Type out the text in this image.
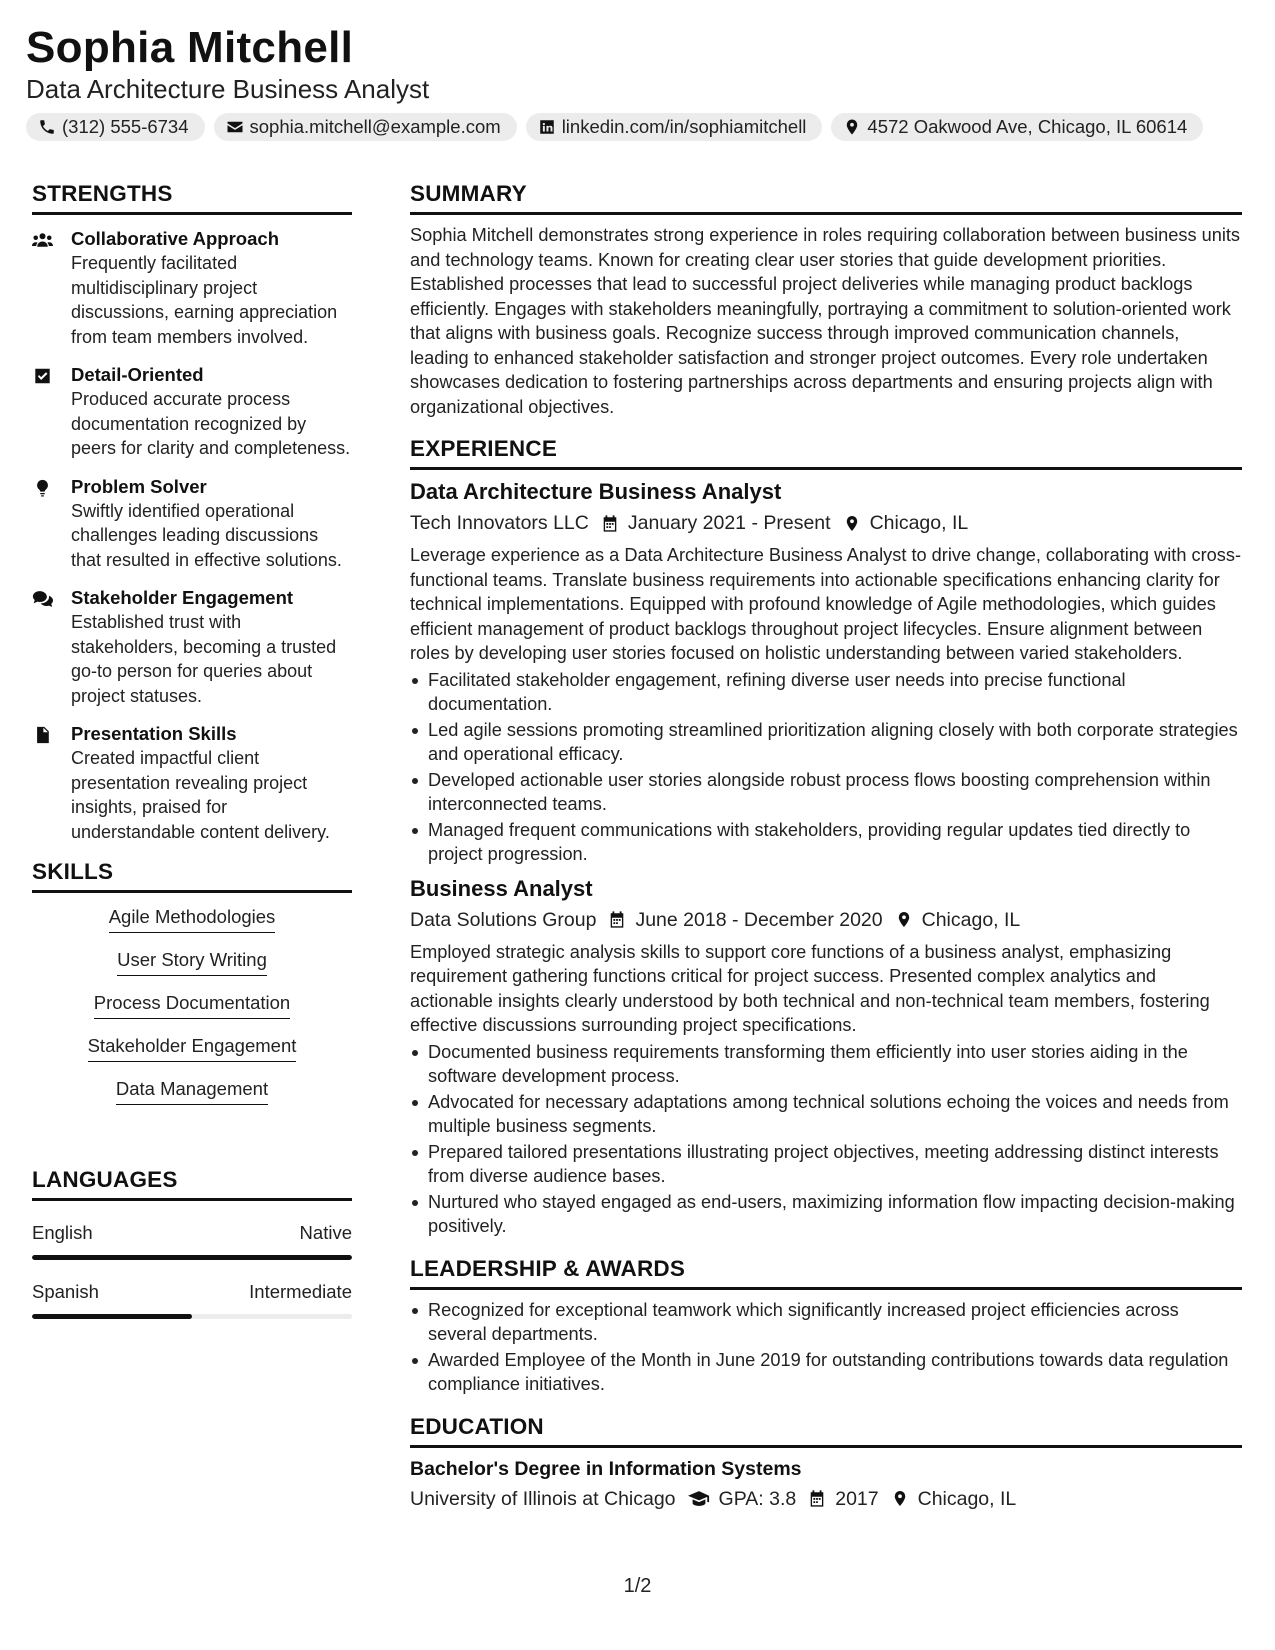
Sophia Mitchell
Data Architecture Business Analyst
(312) 555-6734	sophia.mitchell@example.com	linkedin.com/in/sophiamitchell	4572 Oakwood Ave, Chicago, IL 60614
STRENGTHS
Collaborative Approach
Frequently facilitated multidisciplinary project discussions, earning appreciation from team members involved.
Detail-Oriented
Produced accurate process documentation recognized by peers for clarity and completeness.
Problem Solver
Swiftly identified operational challenges leading discussions that resulted in effective solutions.
Stakeholder Engagement
Established trust with stakeholders, becoming a trusted go-to person for queries about project statuses.
Presentation Skills
Created impactful client presentation revealing project insights, praised for understandable content delivery.
SKILLS
Agile Methodologies
User Story Writing
Process Documentation
Stakeholder Engagement
Data Management
LANGUAGES
English	Native
Spanish	Intermediate
SUMMARY
Sophia Mitchell demonstrates strong experience in roles requiring collaboration between business units and technology teams. Known for creating clear user stories that guide development priorities. Established processes that lead to successful project deliveries while managing product backlogs efficiently. Engages with stakeholders meaningfully, portraying a commitment to solution-oriented work that aligns with business goals. Recognize success through improved communication channels, leading to enhanced stakeholder satisfaction and stronger project outcomes. Every role undertaken showcases dedication to fostering partnerships across departments and ensuring projects align with organizational objectives.
EXPERIENCE
Data Architecture Business Analyst
Tech Innovators LLC January 2021 - Present Chicago, IL
Leverage experience as a Data Architecture Business Analyst to drive change, collaborating with cross-functional teams. Translate business requirements into actionable specifications enhancing clarity for technical implementations. Equipped with profound knowledge of Agile methodologies, which guides efficient management of product backlogs throughout project lifecycles. Ensure alignment between roles by developing user stories focused on holistic understanding between varied stakeholders.
Facilitated stakeholder engagement, refining diverse user needs into precise functional documentation.
Led agile sessions promoting streamlined prioritization aligning closely with both corporate strategies and operational efficacy.
Developed actionable user stories alongside robust process flows boosting comprehension within interconnected teams.
Managed frequent communications with stakeholders, providing regular updates tied directly to project progression.
Business Analyst
Data Solutions Group June 2018 - December 2020 Chicago, IL
Employed strategic analysis skills to support core functions of a business analyst, emphasizing requirement gathering functions critical for project success. Presented complex analytics and actionable insights clearly understood by both technical and non-technical team members, fostering effective discussions surrounding project specifications.
Documented business requirements transforming them efficiently into user stories aiding in the software development process.
Advocated for necessary adaptations among technical solutions echoing the voices and needs from multiple business segments.
Prepared tailored presentations illustrating project objectives, meeting addressing distinct interests from diverse audience bases.
Nurtured who stayed engaged as end-users, maximizing information flow impacting decision-making positively.
LEADERSHIP & AWARDS
Recognized for exceptional teamwork which significantly increased project efficiencies across several departments.
Awarded Employee of the Month in June 2019 for outstanding contributions towards data regulation compliance initiatives.
EDUCATION
Bachelor's Degree in Information Systems
University of Illinois at Chicago GPA: 3.8 2017 Chicago, IL
1/2
